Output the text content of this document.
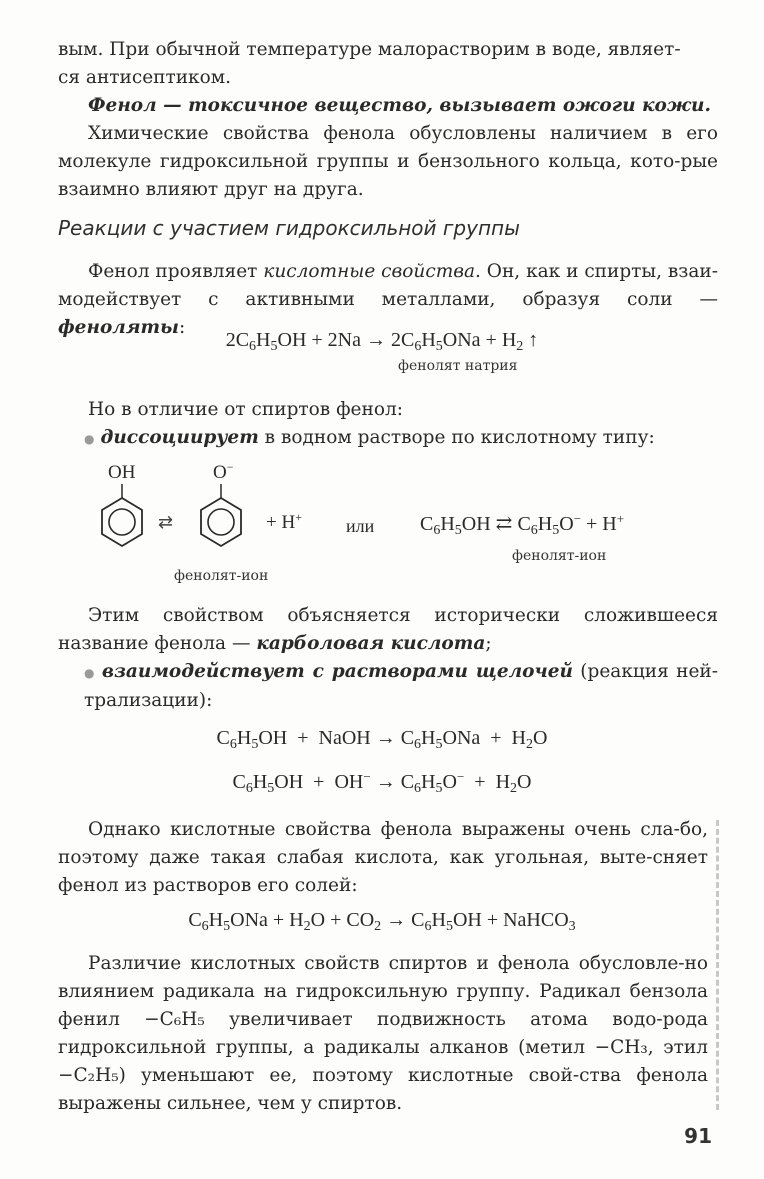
вым. При обычной температуре малорастворим в воде, являет-
ся антисептиком.

Фенол — токсичное вещество, вызывает ожоги кожи.

Химические свойства фенола обусловлены наличием в его молекуле гидроксильной группы и бензольного кольца, кото-рые взаимно влияют друг на друга.

Реакции с участием гидроксильной группы

Фенол проявляет кислотные свойства. Он, как и спирты, взаи-модействует с активными металлами, образуя соли — феноляты:

$2C_6H_5OH + 2Na \to 2C_6H_5ONa + H_2$ ↑
фенолят натрия

Но в отличие от спиртов фенол:

● диссоциирует в водном растворе по кислотному типу:

OH
⇄
O−
+ H+
фенолят-ион
или $C_6H_5OH$ ⇄ $C_6H_5O^- + H^+$
фенолят-ион

Этим свойством объясняется исторически сложившееся название фенола — карболовая кислота;

● взаимодействует с растворами щелочей (реакция ней-трализации):

$C_6H_5OH$  +  NaOH → $C_6H_5ONa + H_2O$
$C_6H_5OH + OH^- \to C_6H_5O^- + H_2O$

Однако кислотные свойства фенола выражены очень сла-бо, поэтому даже такая слабая кислота, как угольная, выте-сняет фенол из растворов его солей:

$C_6H_5ONa + H_2O + CO_2 \to C_6H_5OH$ + NaHCO$_3$

Различие кислотных свойств спиртов и фенола обусловле-но влиянием радикала на гидроксильную группу. Радикал бензола фенил −C₆H₅ увеличивает подвижность атома водо-рода гидроксильной группы, а радикалы алканов (метил −CH₃, этил −C₂H₅) уменьшают ее, поэтому кислотные свой-ства фенола выражены сильнее, чем у спиртов.

91
